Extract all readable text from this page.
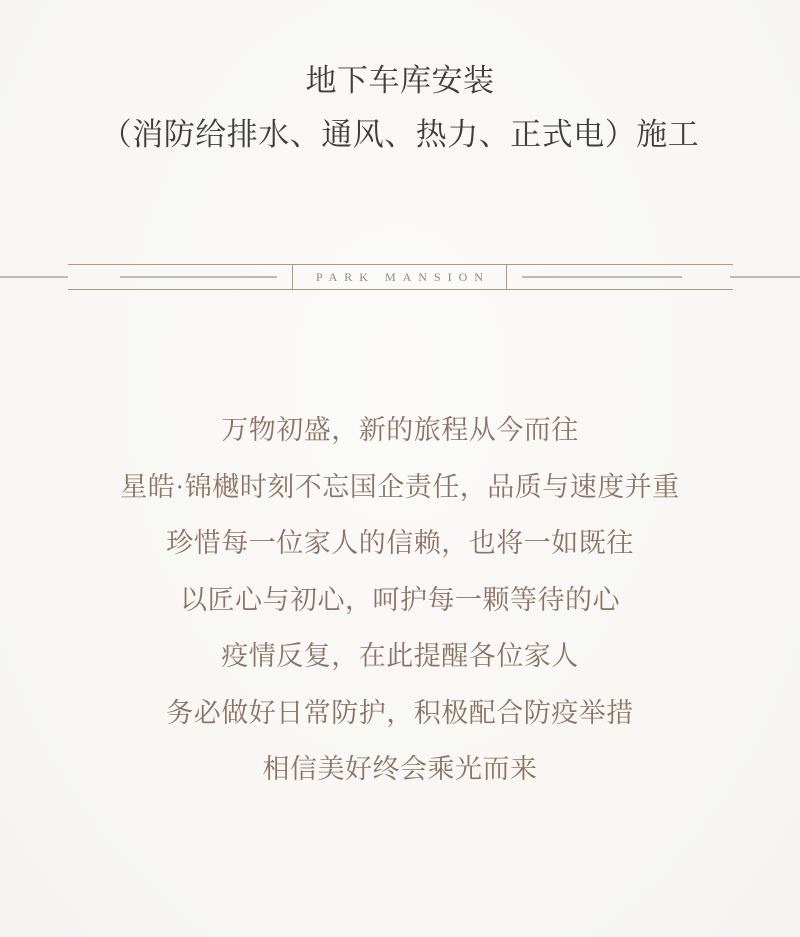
地下车库安装
（消防给排水、通风、热力、正式电）施工
PARK MANSION
万物初盛，新的旅程从今而往
星皓·锦樾时刻不忘国企责任，品质与速度并重
珍惜每一位家人的信赖，也将一如既往
以匠心与初心，呵护每一颗等待的心
疫情反复，在此提醒各位家人
务必做好日常防护，积极配合防疫举措
相信美好终会乘光而来
